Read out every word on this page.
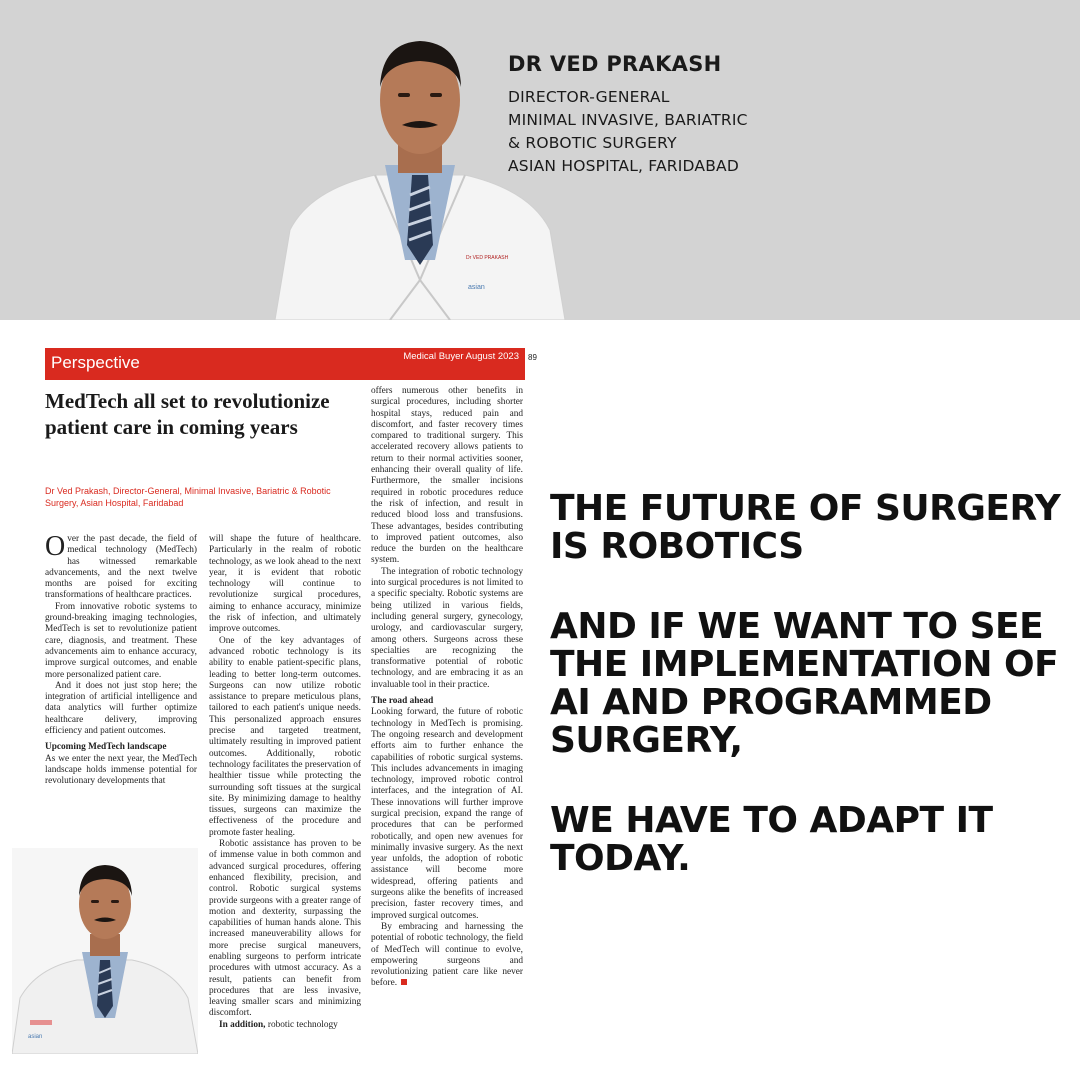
Dr VED PRAKASH
asian
DR VED PRAKASH
DIRECTOR-GENERAL
MINIMAL INVASIVE, BARIATRIC
& ROBOTIC SURGERY
ASIAN HOSPITAL, FARIDABAD
Perspective	Medical Buyer August 2023 89
MedTech all set to revolutionize patient care in coming years
Dr Ved Prakash, Director-General, Minimal Invasive, Bariatric & Robotic Surgery, Asian Hospital, Faridabad

Over the past decade, the field of medical technology (MedTech) has witnessed remarkable advancements, and the next twelve months are poised for exciting transformations of healthcare practices.

From innovative robotic systems to ground-breaking imaging technologies, MedTech is set to revolutionize patient care, diagnosis, and treatment. These advancements aim to enhance accuracy, improve surgical outcomes, and enable more personalized patient care.

And it does not just stop here; the integration of artificial intelligence and data analytics will further optimize healthcare delivery, improving efficiency and patient outcomes.

Upcoming MedTech landscape

As we enter the next year, the MedTech landscape holds immense potential for revolutionary developments that

will shape the future of healthcare. Particularly in the realm of robotic technology, as we look ahead to the next year, it is evident that robotic technology will continue to revolutionize surgical procedures, aiming to enhance accuracy, minimize the risk of infection, and ultimately improve outcomes.

One of the key advantages of advanced robotic technology is its ability to enable patient-specific plans, leading to better long-term outcomes. Surgeons can now utilize robotic assistance to prepare meticulous plans, tailored to each patient's unique needs. This personalized approach ensures precise and targeted treatment, ultimately resulting in improved patient outcomes. Additionally, robotic technology facilitates the preservation of healthier tissue while protecting the surrounding soft tissues at the surgical site. By minimizing damage to healthy tissues, surgeons can maximize the effectiveness of the procedure and promote faster healing.

Robotic assistance has proven to be of immense value in both common and advanced surgical procedures, offering enhanced flexibility, precision, and control. Robotic surgical systems provide surgeons with a greater range of motion and dexterity, surpassing the capabilities of human hands alone. This increased maneuverability allows for more precise surgical maneuvers, enabling surgeons to perform intricate procedures with utmost accuracy. As a result, patients can benefit from procedures that are less invasive, leaving smaller scars and minimizing discomfort.

In addition, robotic technology

offers numerous other benefits in surgical procedures, including shorter hospital stays, reduced pain and discomfort, and faster recovery times compared to traditional surgery. This accelerated recovery allows patients to return to their normal activities sooner, enhancing their overall quality of life. Furthermore, the smaller incisions required in robotic procedures reduce the risk of infection, and result in reduced blood loss and transfusions. These advantages, besides contributing to improved patient outcomes, also reduce the burden on the healthcare system.

The integration of robotic technology into surgical procedures is not limited to a specific specialty. Robotic systems are being utilized in various fields, including general surgery, gynecology, urology, and cardiovascular surgery, among others. Surgeons across these specialties are recognizing the transformative potential of robotic technology, and are embracing it as an invaluable tool in their practice.

The road ahead

Looking forward, the future of robotic technology in MedTech is promising. The ongoing research and development efforts aim to further enhance the capabilities of robotic surgical systems. This includes advancements in imaging technology, improved robotic control interfaces, and the integration of AI. These innovations will further improve surgical precision, expand the range of procedures that can be performed robotically, and open new avenues for minimally invasive surgery. As the next year unfolds, the adoption of robotic assistance will become more widespread, offering patients and surgeons alike the benefits of increased precision, faster recovery times, and improved surgical outcomes.

By embracing and harnessing the potential of robotic technology, the field of MedTech will continue to evolve, empowering surgeons and revolutionizing patient care like never before.

asian

THE FUTURE OF SURGERY IS ROBOTICS

AND IF WE WANT TO SEE THE IMPLEMENTATION OF AI AND PROGRAMMED SURGERY,

WE HAVE TO ADAPT IT TODAY.
